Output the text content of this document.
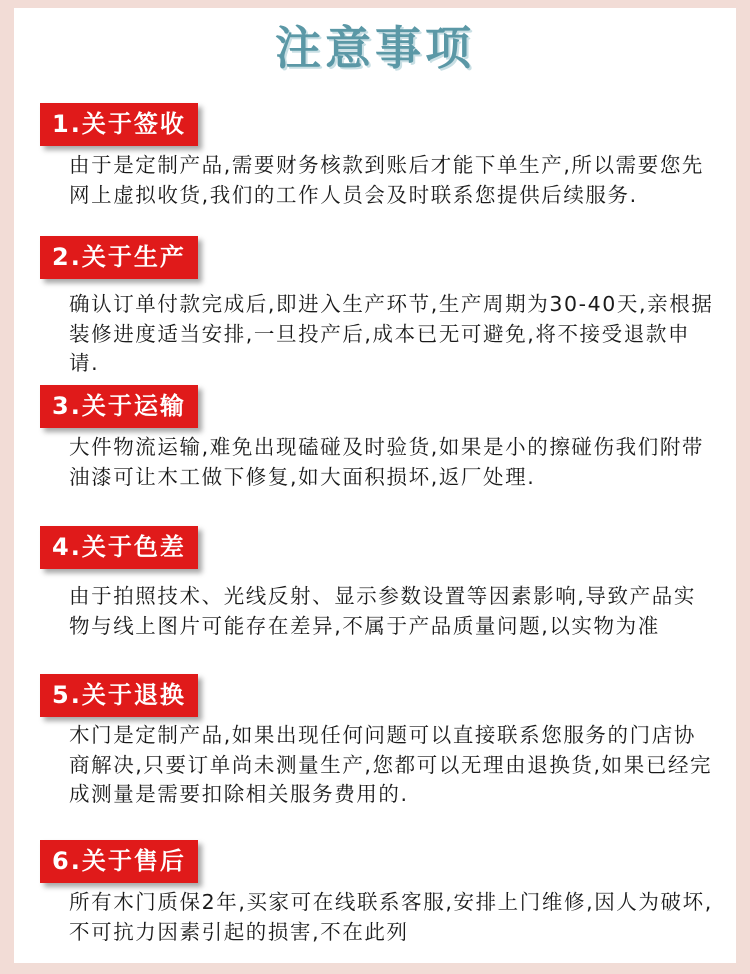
注意事项
1.关于签收
由于是定制产品,需要财务核款到账后才能下单生产,所以需要您先网上虚拟收货,我们的工作人员会及时联系您提供后续服务.
2.关于生产
确认订单付款完成后,即进入生产环节,生产周期为30-40天,亲根据装修进度适当安排,一旦投产后,成本已无可避免,将不接受退款申请.
3.关于运输
大件物流运输,难免出现磕碰及时验货,如果是小的擦碰伤我们附带油漆可让木工做下修复,如大面积损坏,返厂处理.
4.关于色差
由于拍照技术、光线反射、显示参数设置等因素影响,导致产品实物与线上图片可能存在差异,不属于产品质量问题,以实物为准
5.关于退换
木门是定制产品,如果出现任何问题可以直接联系您服务的门店协商解决,只要订单尚未测量生产,您都可以无理由退换货,如果已经完成测量是需要扣除相关服务费用的.
6.关于售后
所有木门质保2年,买家可在线联系客服,安排上门维修,因人为破坏,不可抗力因素引起的损害,不在此列
